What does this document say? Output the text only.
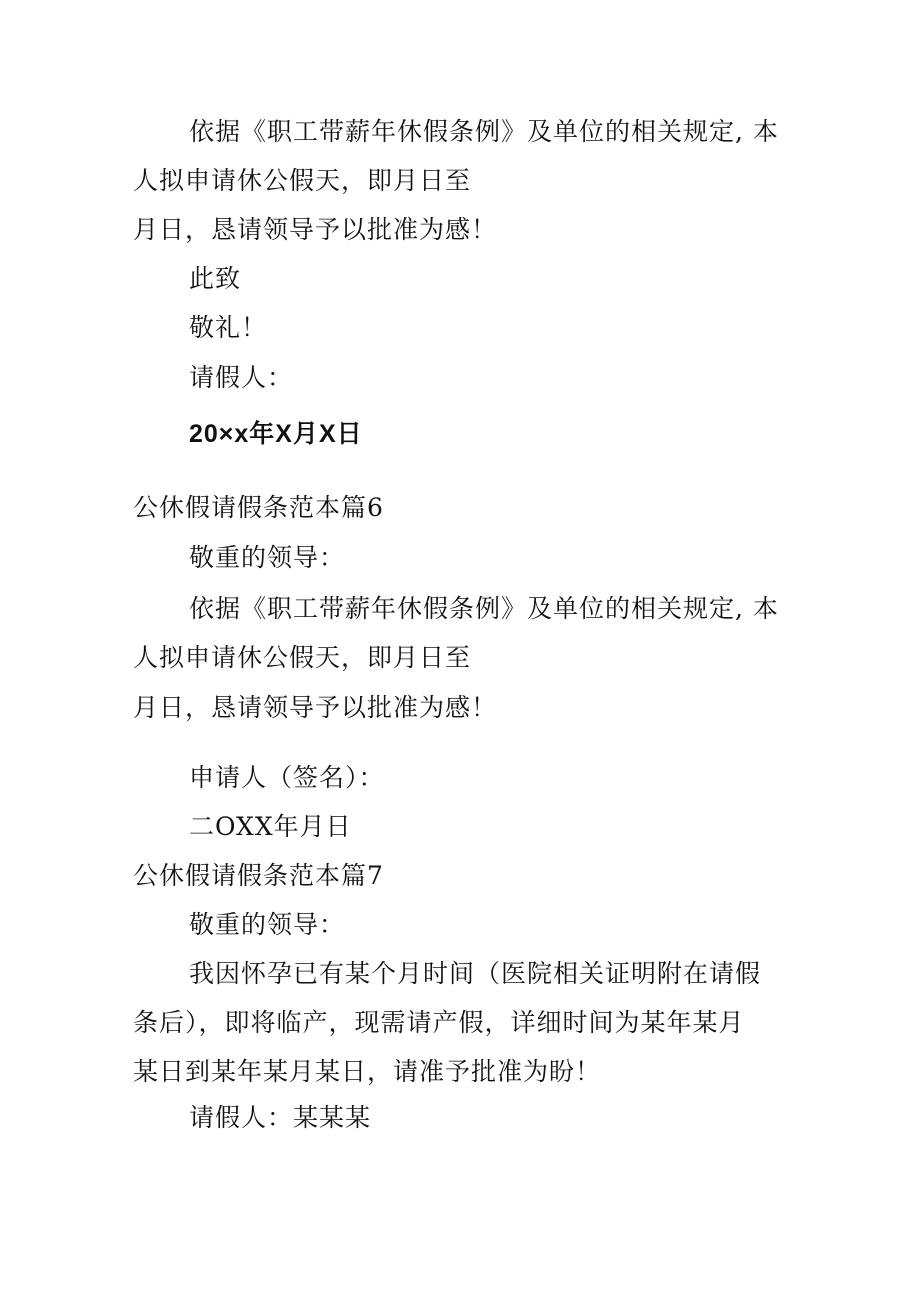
依据《职工带薪年休假条例》及单位的相关规定, 本
人拟申请休公假天，即月日至
月日，恳请领导予以批准为感！
此致
敬礼！
请假人：
20×x年X月X日
公休假请假条范本篇6
敬重的领导：
依据《职工带薪年休假条例》及单位的相关规定, 本
人拟申请休公假天，即月日至
月日，恳请领导予以批准为感！
申请人（签名）：
二OXX年月日
公休假请假条范本篇7
敬重的领导：
我因怀孕已有某个月时间（医院相关证明附在请假
条后），即将临产，现需请产假，详细时间为某年某月
某日到某年某月某日，请准予批准为盼！
请假人：某某某
